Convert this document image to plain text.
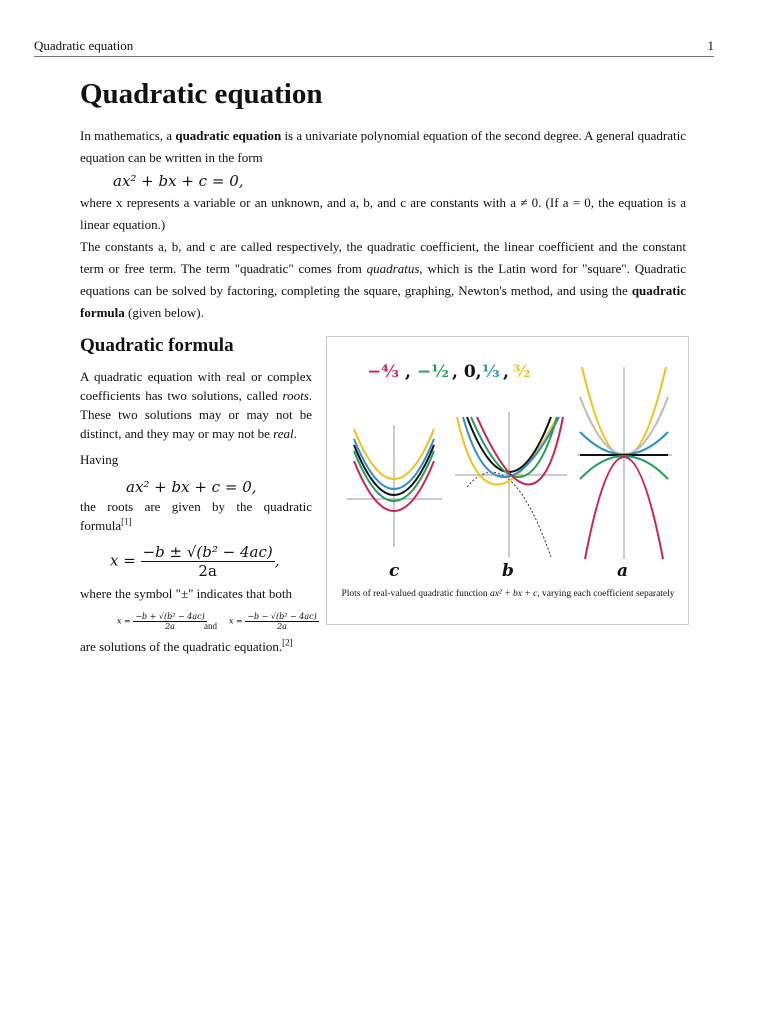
Quadratic equation	1
Quadratic equation

In mathematics, a quadratic equation is a univariate polynomial equation of the second degree. A general quadratic equation can be written in the form

ax² + bx + c = 0,

where x represents a variable or an unknown, and a, b, and c are constants with a ≠ 0. (If a = 0, the equation is a linear equation.)

The constants a, b, and c are called respectively, the quadratic coefficient, the linear coefficient and the constant term or free term. The term "quadratic" comes from quadratus, which is the Latin word for "square". Quadratic equations can be solved by factoring, completing the square, graphing, Newton's method, and using the quadratic formula (given below).

Quadratic formula

A quadratic equation with real or complex coefficients has two solutions, called roots. These two solutions may or may not be distinct, and they may or may not be real.

Having

ax² + bx + c = 0,

the roots are given by the quadratic formula[1]

$x = \frac{\text{−b ± √(b² − 4ac)}}{2a}$ ,

where the symbol "±" indicates that both

$x = \frac{\text{−b + √(b² − 4ac)}}{2a}$
and $x = \frac{\text{−b − √(b² − 4ac)}}{2a}$

are solutions of the quadratic equation.[2]

−⁴⁄₃ , −¹⁄₂ , 0, ¹⁄₃ , ³⁄₂
c	b	a
Plots of real-valued quadratic function ax² + bx + c, varying each coefficient separately
